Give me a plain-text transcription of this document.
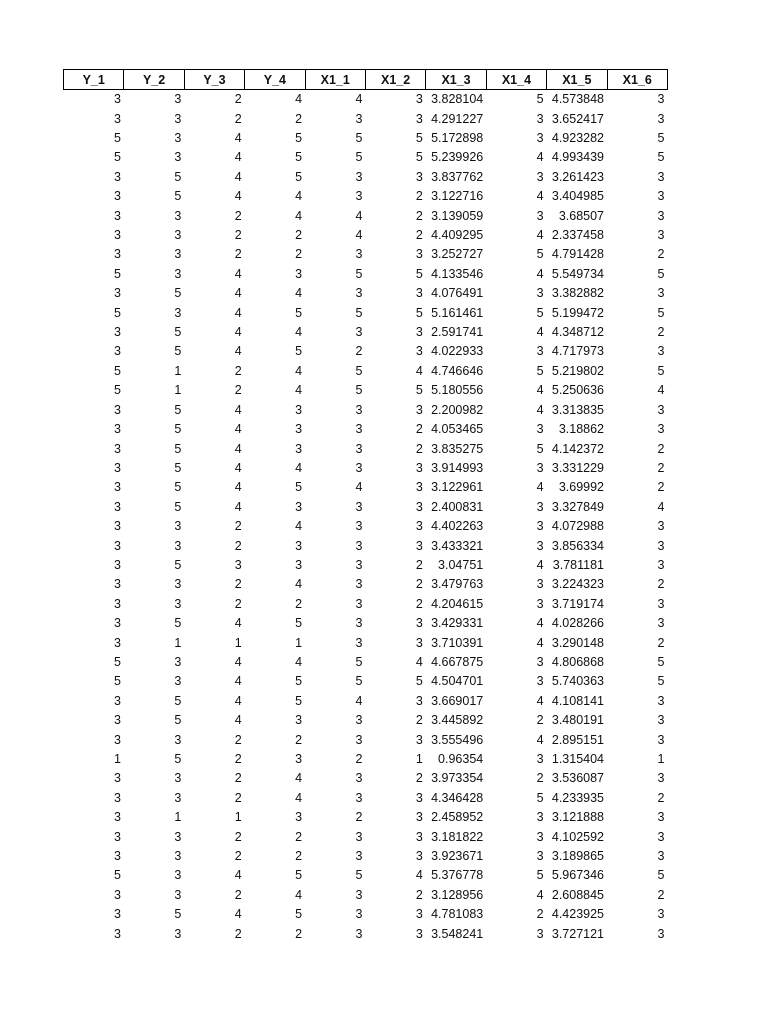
Y_1	Y_2	Y_3	Y_4	X1_1	X1_2	X1_3	X1_4	X1_5	X1_6
3	3	2	4	4	3	3.828104	5	4.573848	3
3	3	2	2	3	3	4.291227	3	3.652417	3
5	3	4	5	5	5	5.172898	3	4.923282	5
5	3	4	5	5	5	5.239926	4	4.993439	5
3	5	4	5	3	3	3.837762	3	3.261423	3
3	5	4	4	3	2	3.122716	4	3.404985	3
3	3	2	4	4	2	3.139059	3	3.68507	3
3	3	2	2	4	2	4.409295	4	2.337458	3
3	3	2	2	3	3	3.252727	5	4.791428	2
5	3	4	3	5	5	4.133546	4	5.549734	5
3	5	4	4	3	3	4.076491	3	3.382882	3
5	3	4	5	5	5	5.161461	5	5.199472	5
3	5	4	4	3	3	2.591741	4	4.348712	2
3	5	4	5	2	3	4.022933	3	4.717973	3
5	1	2	4	5	4	4.746646	5	5.219802	5
5	1	2	4	5	5	5.180556	4	5.250636	4
3	5	4	3	3	3	2.200982	4	3.313835	3
3	5	4	3	3	2	4.053465	3	3.18862	3
3	5	4	3	3	2	3.835275	5	4.142372	2
3	5	4	4	3	3	3.914993	3	3.331229	2
3	5	4	5	4	3	3.122961	4	3.69992	2
3	5	4	3	3	3	2.400831	3	3.327849	4
3	3	2	4	3	3	4.402263	3	4.072988	3
3	3	2	3	3	3	3.433321	3	3.856334	3
3	5	3	3	3	2	3.04751	4	3.781181	3
3	3	2	4	3	2	3.479763	3	3.224323	2
3	3	2	2	3	2	4.204615	3	3.719174	3
3	5	4	5	3	3	3.429331	4	4.028266	3
3	1	1	1	3	3	3.710391	4	3.290148	2
5	3	4	4	5	4	4.667875	3	4.806868	5
5	3	4	5	5	5	4.504701	3	5.740363	5
3	5	4	5	4	3	3.669017	4	4.108141	3
3	5	4	3	3	2	3.445892	2	3.480191	3
3	3	2	2	3	3	3.555496	4	2.895151	3
1	5	2	3	2	1	0.96354	3	1.315404	1
3	3	2	4	3	2	3.973354	2	3.536087	3
3	3	2	4	3	3	4.346428	5	4.233935	2
3	1	1	3	2	3	2.458952	3	3.121888	3
3	3	2	2	3	3	3.181822	3	4.102592	3
3	3	2	2	3	3	3.923671	3	3.189865	3
5	3	4	5	5	4	5.376778	5	5.967346	5
3	3	2	4	3	2	3.128956	4	2.608845	2
3	5	4	5	3	3	4.781083	2	4.423925	3
3	3	2	2	3	3	3.548241	3	3.727121	3
